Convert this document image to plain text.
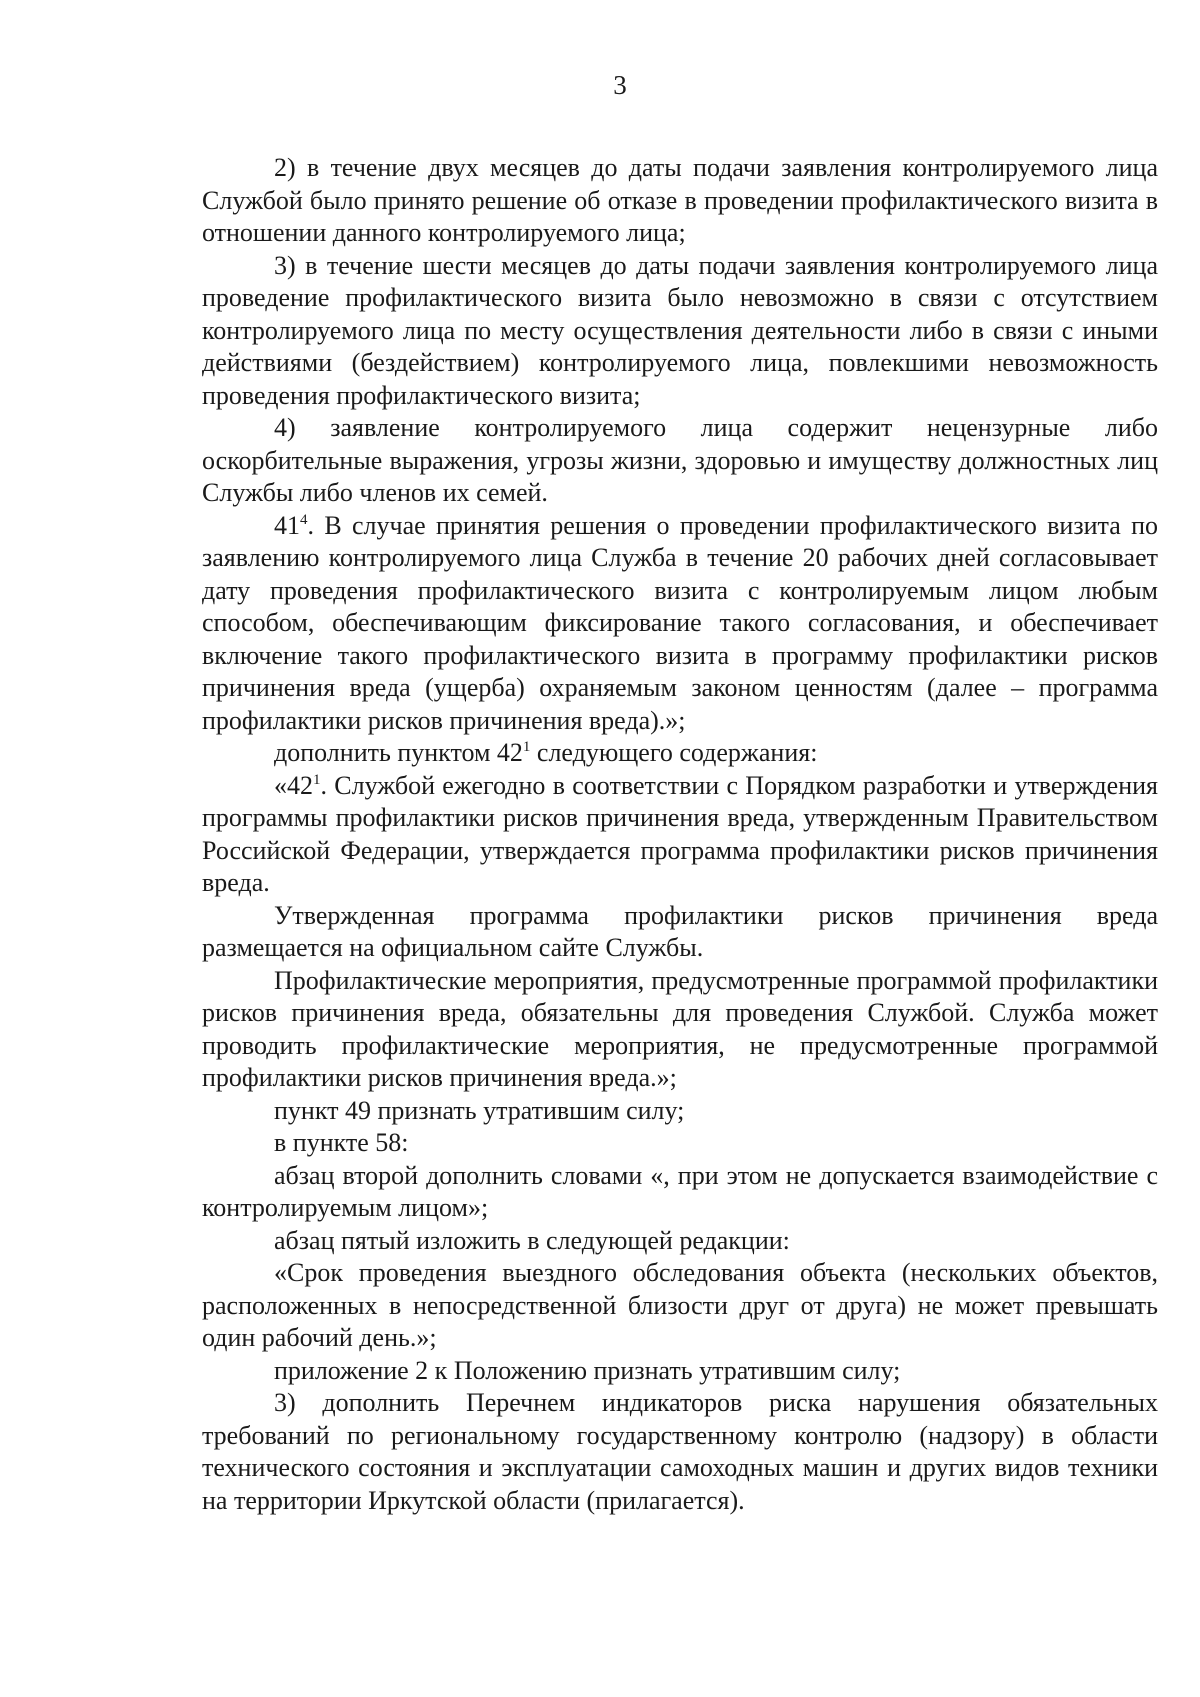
3

2) в течение двух месяцев до даты подачи заявления контролируемого лица Службой было принято решение об отказе в проведении профилактического визита в отношении данного контролируемого лица;

3) в течение шести месяцев до даты подачи заявления контролируемого лица проведение профилактического визита было невозможно в связи с отсутствием контролируемого лица по месту осуществления деятельности либо в связи с иными действиями (бездействием) контролируемого лица, повлекшими невозможность проведения профилактического визита;

4) заявление контролируемого лица содержит нецензурные либо оскорбительные выражения, угрозы жизни, здоровью и имуществу должностных лиц Службы либо членов их семей.

$41^4$. В случае принятия решения о проведении профилактического визита по заявлению контролируемого лица Служба в течение 20 рабочих дней согласовывает дату проведения профилактического визита с контролируемым лицом любым способом, обеспечивающим фиксирование такого согласования, и обеспечивает включение такого профилактического визита в программу профилактики рисков причинения вреда (ущерба) охраняемым законом ценностям (далее – программа профилактики рисков причинения вреда).»;

дополнить пунктом $42^1$ следующего содержания:

«$42^1$. Службой ежегодно в соответствии с Порядком разработки и утверждения программы профилактики рисков причинения вреда, утвержденным Правительством Российской Федерации, утверждается программа профилактики рисков причинения вреда.

Утвержденная программа профилактики рисков причинения вреда размещается на официальном сайте Службы.

Профилактические мероприятия, предусмотренные программой профилактики рисков причинения вреда, обязательны для проведения Службой. Служба может проводить профилактические мероприятия, не предусмотренные программой профилактики рисков причинения вреда.»;

пункт 49 признать утратившим силу;

в пункте 58:

абзац второй дополнить словами «, при этом не допускается взаимодействие с контролируемым лицом»;

абзац пятый изложить в следующей редакции:

«Срок проведения выездного обследования объекта (нескольких объектов, расположенных в непосредственной близости друг от друга) не может превышать один рабочий день.»;

приложение 2 к Положению признать утратившим силу;

3) дополнить Перечнем индикаторов риска нарушения обязательных требований по региональному государственному контролю (надзору) в области технического состояния и эксплуатации самоходных машин и других видов техники на территории Иркутской области (прилагается).
